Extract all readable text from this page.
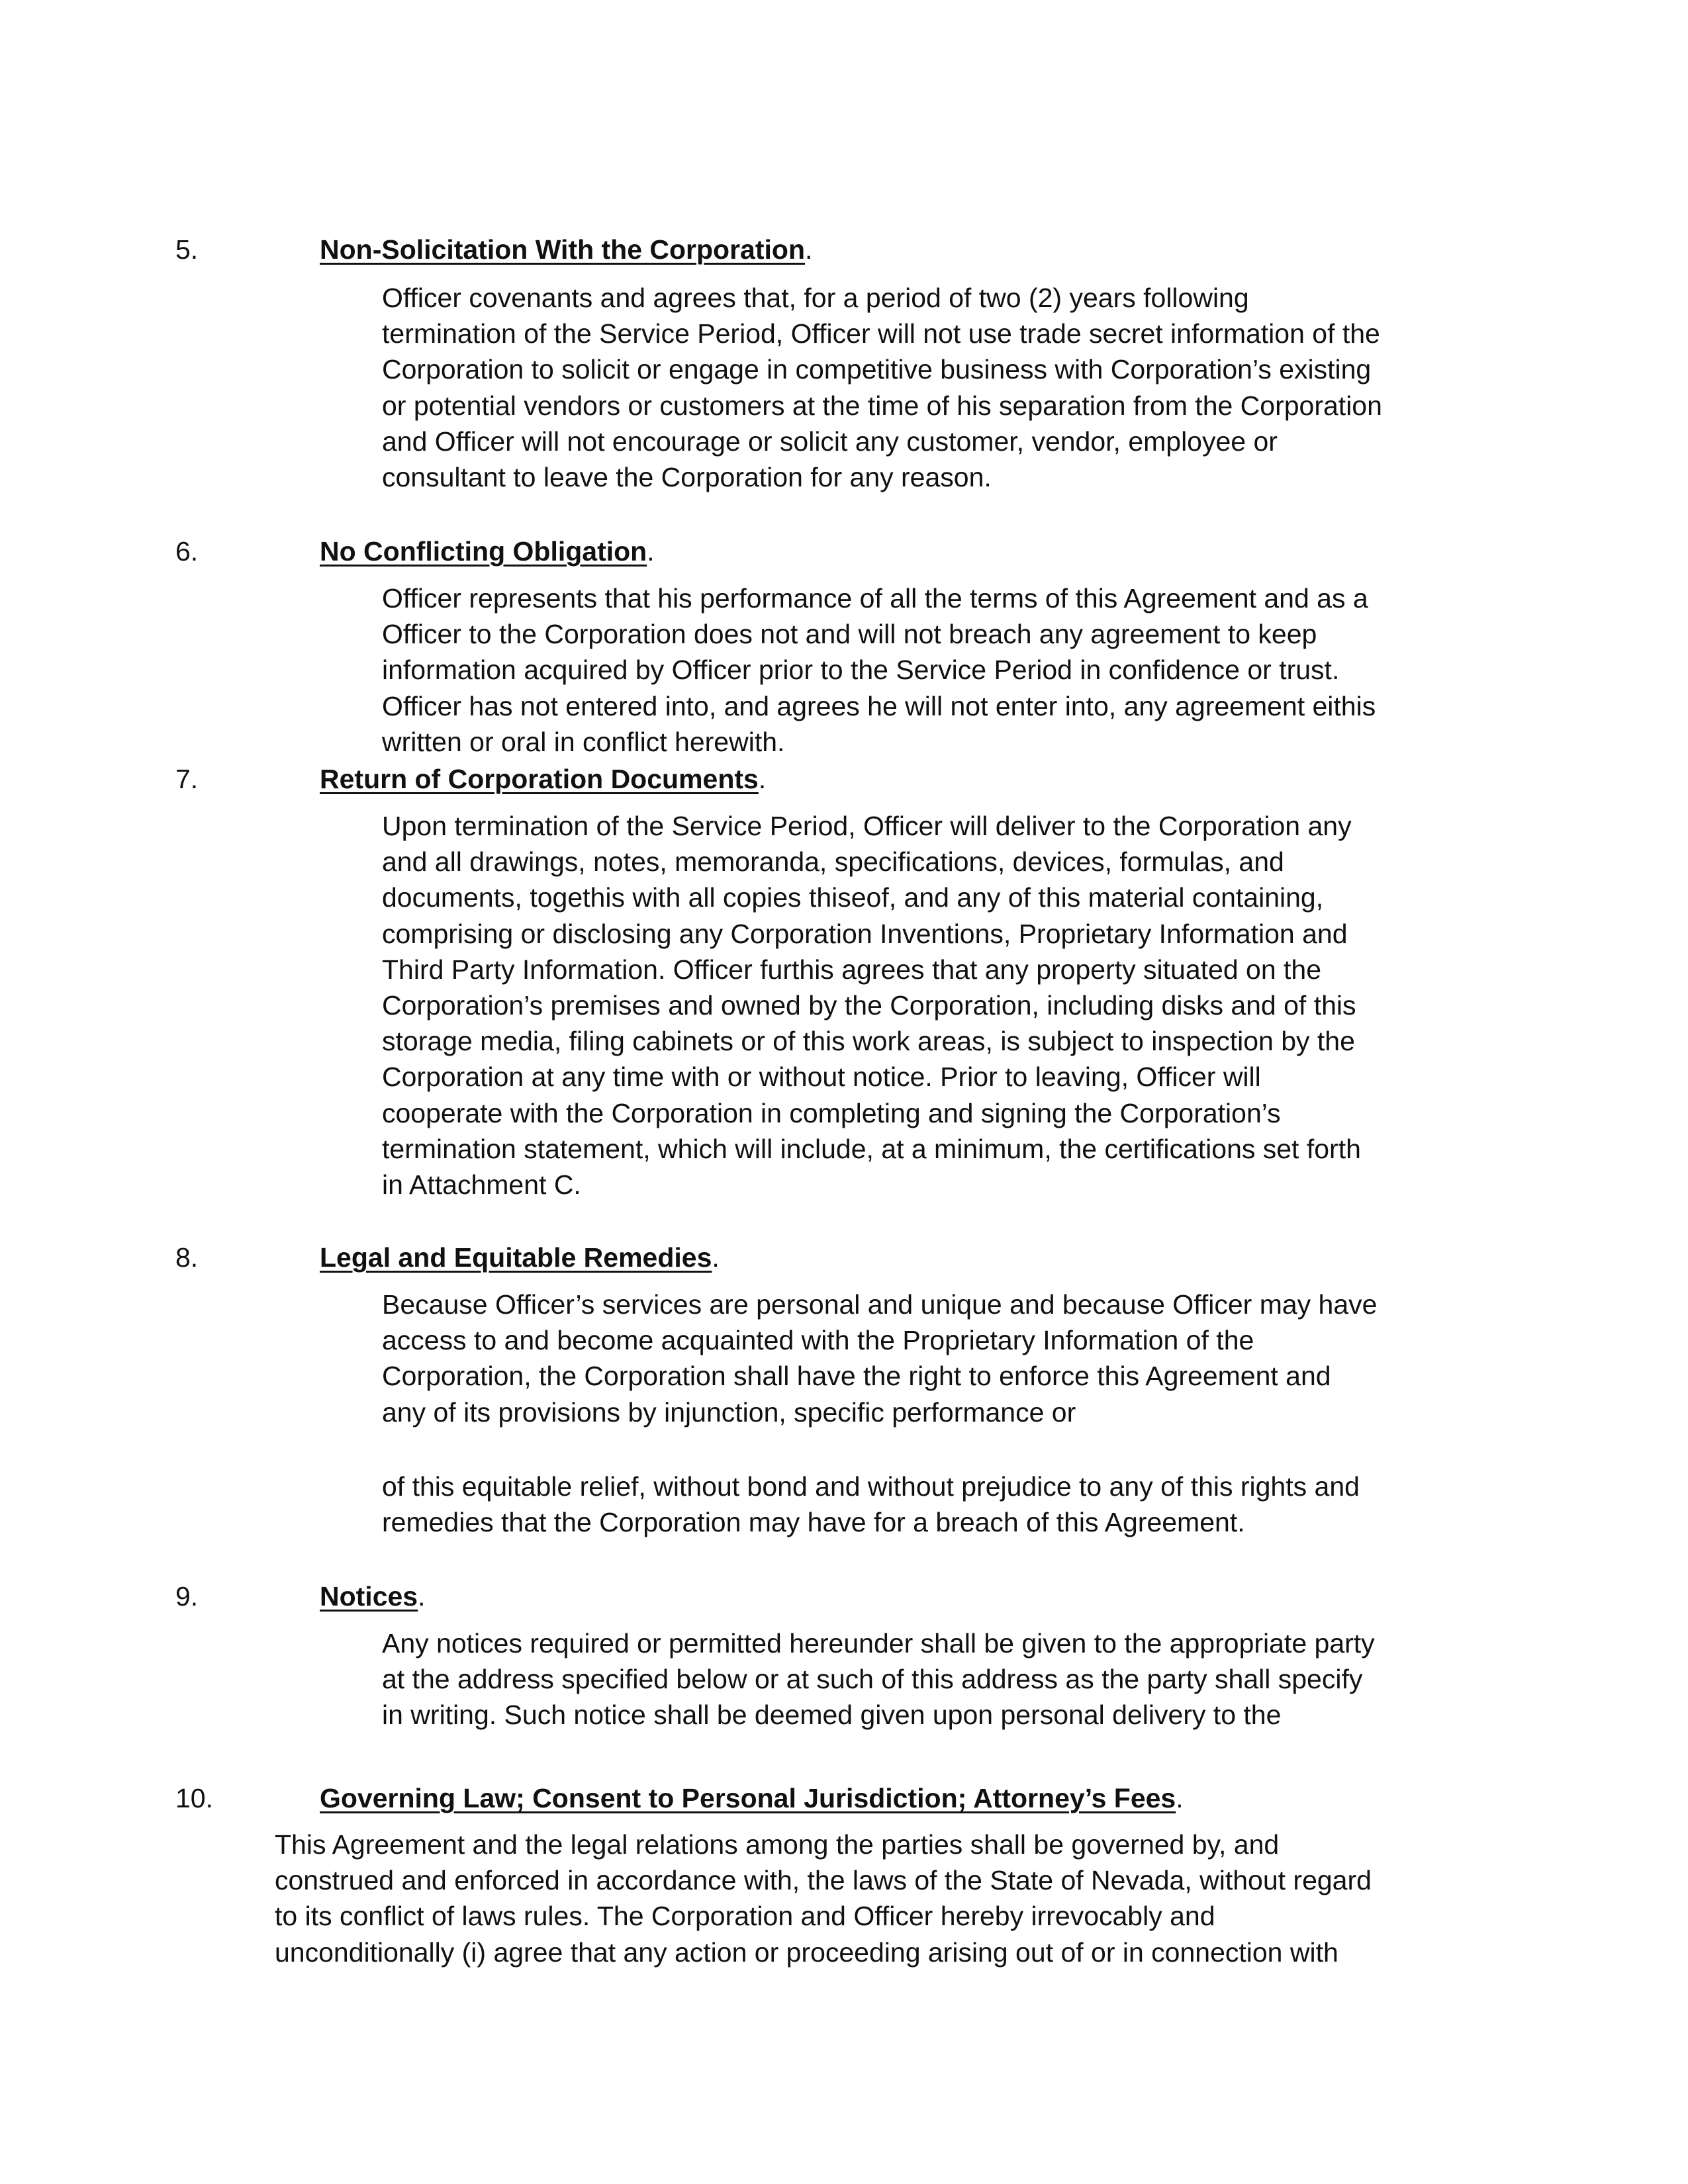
5.	Non-Solicitation With the Corporation.
Officer covenants and agrees that, for a period of two (2) years following
termination of the Service Period, Officer will not use trade secret information of the
Corporation to solicit or engage in competitive business with Corporation’s existing
or potential vendors or customers at the time of his separation from the Corporation
and Officer will not encourage or solicit any customer, vendor, employee or
consultant to leave the Corporation for any reason.
6.	No Conflicting Obligation.
Officer represents that his performance of all the terms of this Agreement and as a
Officer to the Corporation does not and will not breach any agreement to keep
information acquired by Officer prior to the Service Period in confidence or trust.
Officer has not entered into, and agrees he will not enter into, any agreement eithis
written or oral in conflict herewith.
7.	Return of Corporation Documents.
Upon termination of the Service Period, Officer will deliver to the Corporation any
and all drawings, notes, memoranda, specifications, devices, formulas, and
documents, togethis with all copies thiseof, and any of this material containing,
comprising or disclosing any Corporation Inventions, Proprietary Information and
Third Party Information. Officer furthis agrees that any property situated on the
Corporation’s premises and owned by the Corporation, including disks and of this
storage media, filing cabinets or of this work areas, is subject to inspection by the
Corporation at any time with or without notice. Prior to leaving, Officer will
cooperate with the Corporation in completing and signing the Corporation’s
termination statement, which will include, at a minimum, the certifications set forth
in Attachment C.
8.	Legal and Equitable Remedies.
Because Officer’s services are personal and unique and because Officer may have
access to and become acquainted with the Proprietary Information of the
Corporation, the Corporation shall have the right to enforce this Agreement and
any of its provisions by injunction, specific performance or
of this equitable relief, without bond and without prejudice to any of this rights and
remedies that the Corporation may have for a breach of this Agreement.
9.	Notices.
Any notices required or permitted hereunder shall be given to the appropriate party
at the address specified below or at such of this address as the party shall specify
in writing. Such notice shall be deemed given upon personal delivery to the
10.	Governing Law; Consent to Personal Jurisdiction; Attorney’s Fees.
This Agreement and the legal relations among the parties shall be governed by, and
construed and enforced in accordance with, the laws of the State of Nevada, without regard
to its conflict of laws rules. The Corporation and Officer hereby irrevocably and
unconditionally (i) agree that any action or proceeding arising out of or in connection with
